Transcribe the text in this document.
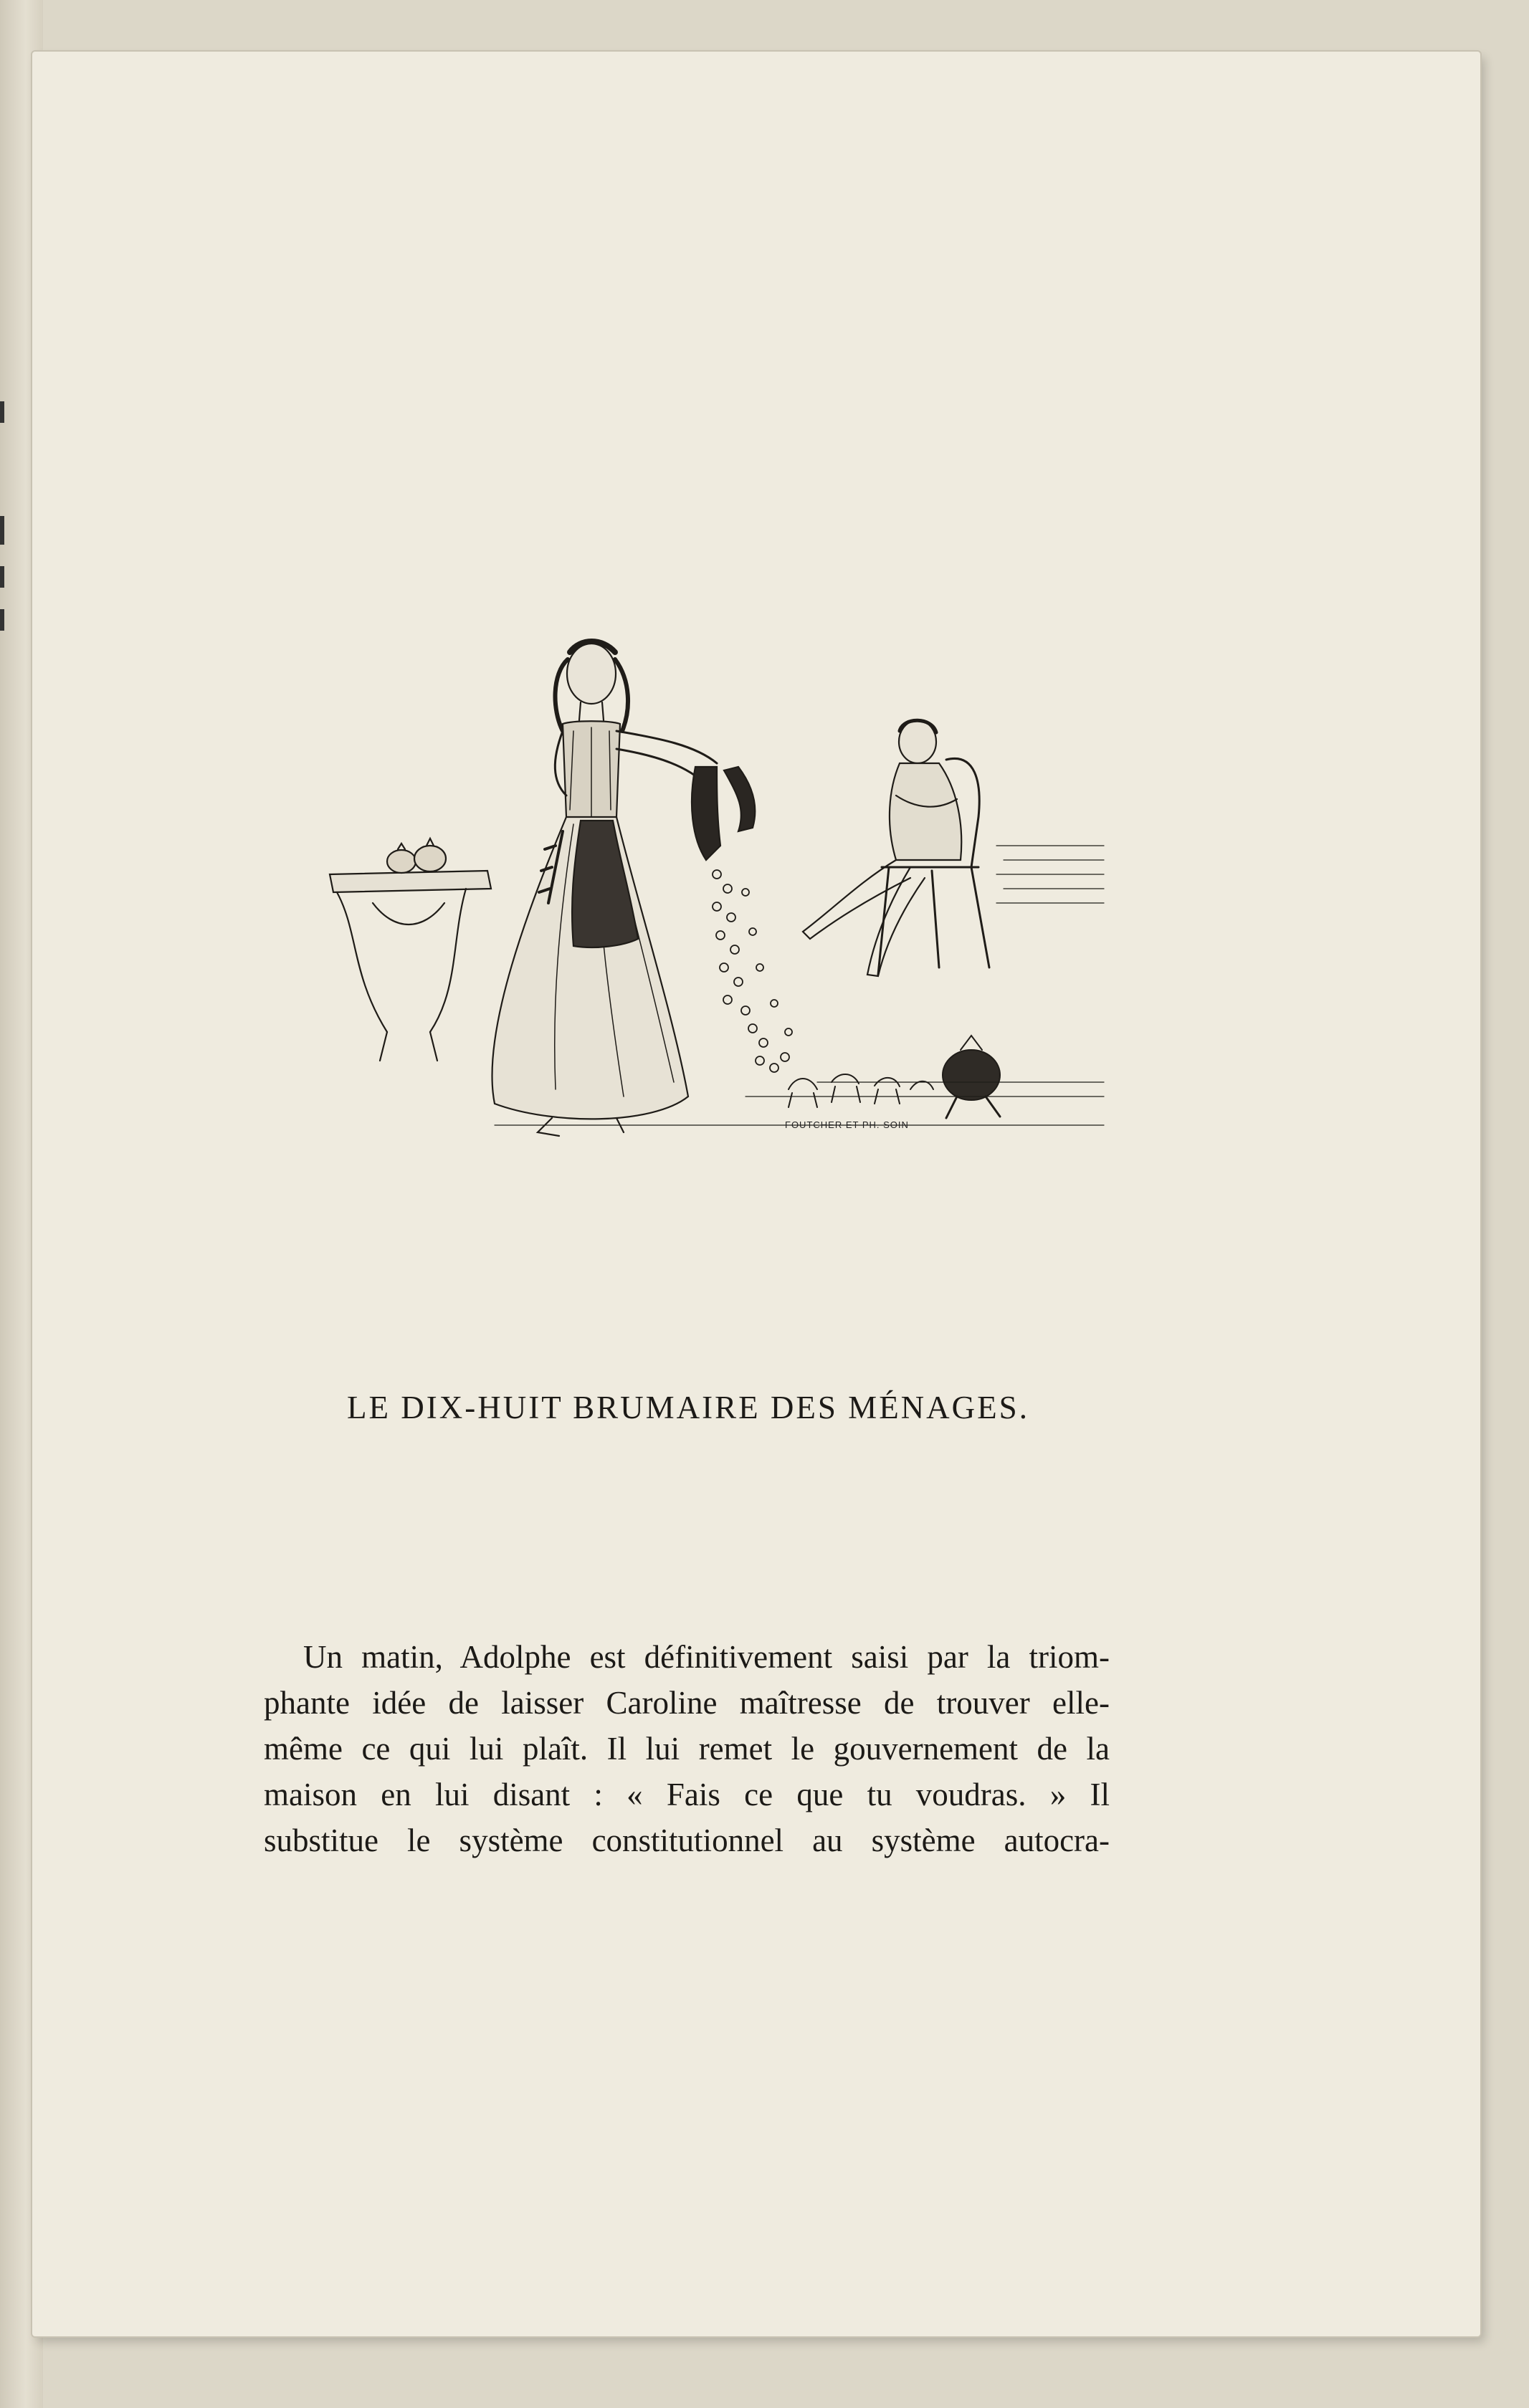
FOUTCHER ET PH. SOIN

LE DIX-HUIT BRUMAIRE DES MÉNAGES.

Un matin, Adolphe est définitivement saisi par la triom-
phante idée de laisser Caroline maîtresse de trouver elle-
même ce qui lui plaît. Il lui remet le gouvernement de la
maison en lui disant : « Fais ce que tu voudras. » Il
substitue le système constitutionnel au système autocra-
